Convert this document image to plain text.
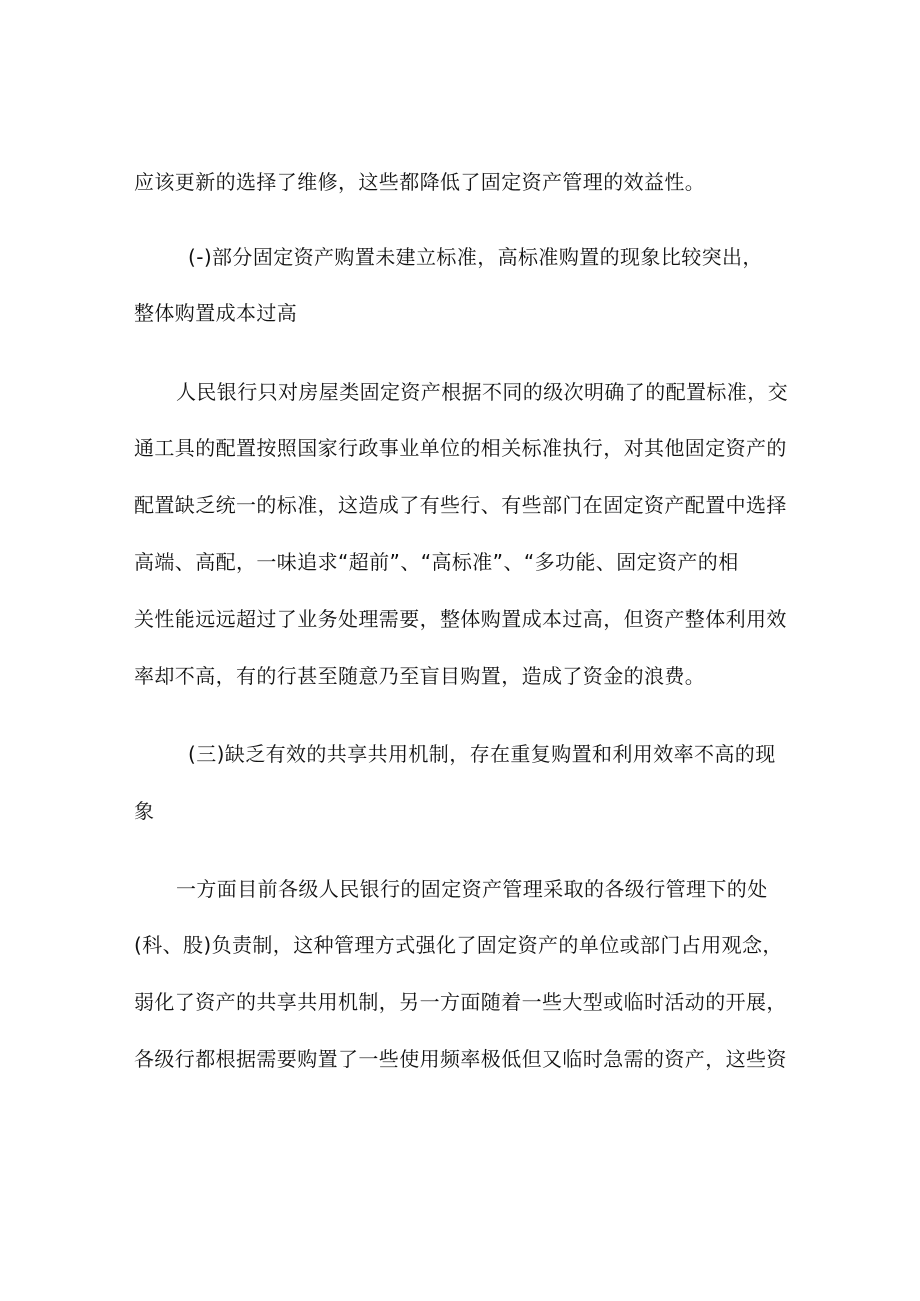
应该更新的选择了维修，这些都降低了固定资产管理的效益性。
(-)部分固定资产购置未建立标准，高标准购置的现象比较突出，
整体购置成本过高
人民银行只对房屋类固定资产根据不同的级次明确了的配置标准，交
通工具的配置按照国家行政事业单位的相关标准执行，对其他固定资产的
配置缺乏统一的标准，这造成了有些行、有些部门在固定资产配置中选择
高端、高配，一味追求“超前”、“高标准”、“多功能、固定资产的相
关性能远远超过了业务处理需要，整体购置成本过高，但资产整体利用效
率却不高，有的行甚至随意乃至盲目购置，造成了资金的浪费。
(三)缺乏有效的共享共用机制，存在重复购置和利用效率不高的现
象
一方面目前各级人民银行的固定资产管理采取的各级行管理下的处
(科、股)负责制，这种管理方式强化了固定资产的单位或部门占用观念，
弱化了资产的共享共用机制，另一方面随着一些大型或临时活动的开展，
各级行都根据需要购置了一些使用频率极低但又临时急需的资产，这些资
